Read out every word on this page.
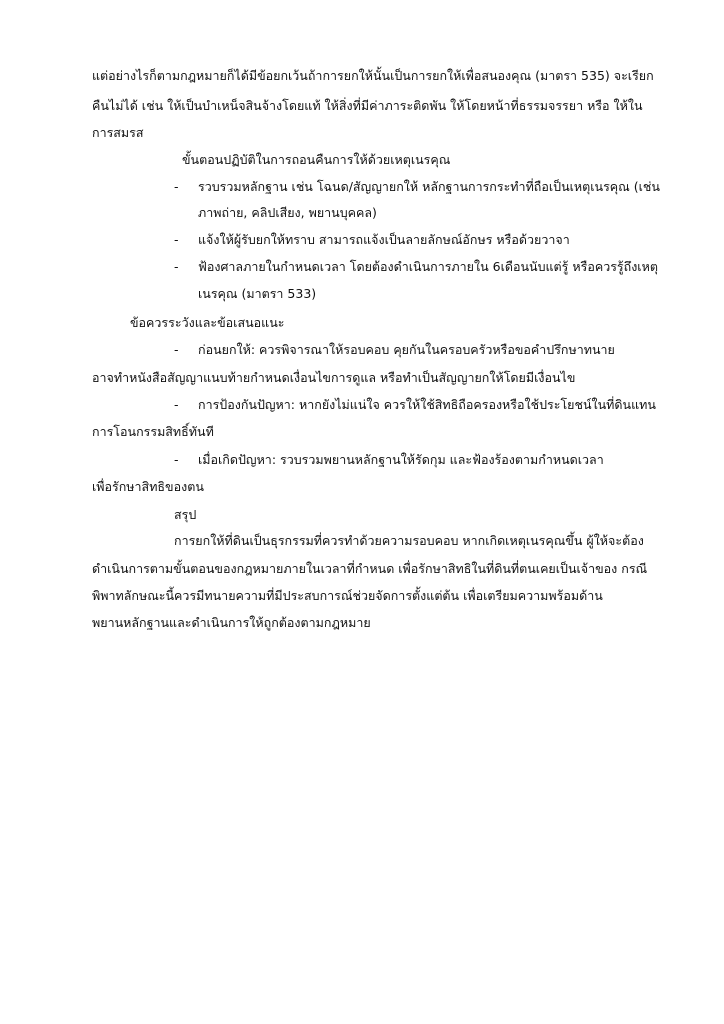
แต่อย่างไรก็ตามกฎหมายก็ได้มีข้อยกเว้นถ้าการยกให้นั้นเป็นการยกให้เพื่อสนองคุณ (มาตรา 535) จะเรียก
คืนไม่ได้ เช่น ให้เป็นบำเหน็จสินจ้างโดยแท้ ให้สิ่งที่มีค่าภาระติดพัน ให้โดยหน้าที่ธรรมจรรยา หรือ ให้ใน
การสมรส
ขั้นตอนปฏิบัติในการถอนคืนการให้ด้วยเหตุเนรคุณ
- รวบรวมหลักฐาน เช่น โฉนด/สัญญายกให้ หลักฐานการกระทำที่ถือเป็นเหตุเนรคุณ (เช่น
ภาพถ่าย, คลิปเสียง, พยานบุคคล)
- แจ้งให้ผู้รับยกให้ทราบ สามารถแจ้งเป็นลายลักษณ์อักษร หรือด้วยวาจา
- ฟ้องศาลภายในกำหนดเวลา โดยต้องดำเนินการภายใน 6เดือนนับแต่รู้ หรือควรรู้ถึงเหตุ
เนรคุณ (มาตรา 533)
ข้อควรระวังและข้อเสนอแนะ
- ก่อนยกให้: ควรพิจารณาให้รอบคอบ คุยกันในครอบครัวหรือขอคำปรึกษาทนาย
อาจทำหนังสือสัญญาแนบท้ายกำหนดเงื่อนไขการดูแล หรือทำเป็นสัญญายกให้โดยมีเงื่อนไข
- การป้องกันปัญหา: หากยังไม่แน่ใจ ควรให้ใช้สิทธิถือครองหรือใช้ประโยชน์ในที่ดินแทน
การโอนกรรมสิทธิ์ทันที
- เมื่อเกิดปัญหา: รวบรวมพยานหลักฐานให้รัดกุม และฟ้องร้องตามกำหนดเวลา
เพื่อรักษาสิทธิของตน
สรุป
การยกให้ที่ดินเป็นธุรกรรมที่ควรทำด้วยความรอบคอบ หากเกิดเหตุเนรคุณขึ้น ผู้ให้จะต้อง
ดำเนินการตามขั้นตอนของกฎหมายภายในเวลาที่กำหนด เพื่อรักษาสิทธิในที่ดินที่ตนเคยเป็นเจ้าของ กรณี
พิพาทลักษณะนี้ควรมีทนายความที่มีประสบการณ์ช่วยจัดการตั้งแต่ต้น เพื่อเตรียมความพร้อมด้าน
พยานหลักฐานและดำเนินการให้ถูกต้องตามกฎหมาย
